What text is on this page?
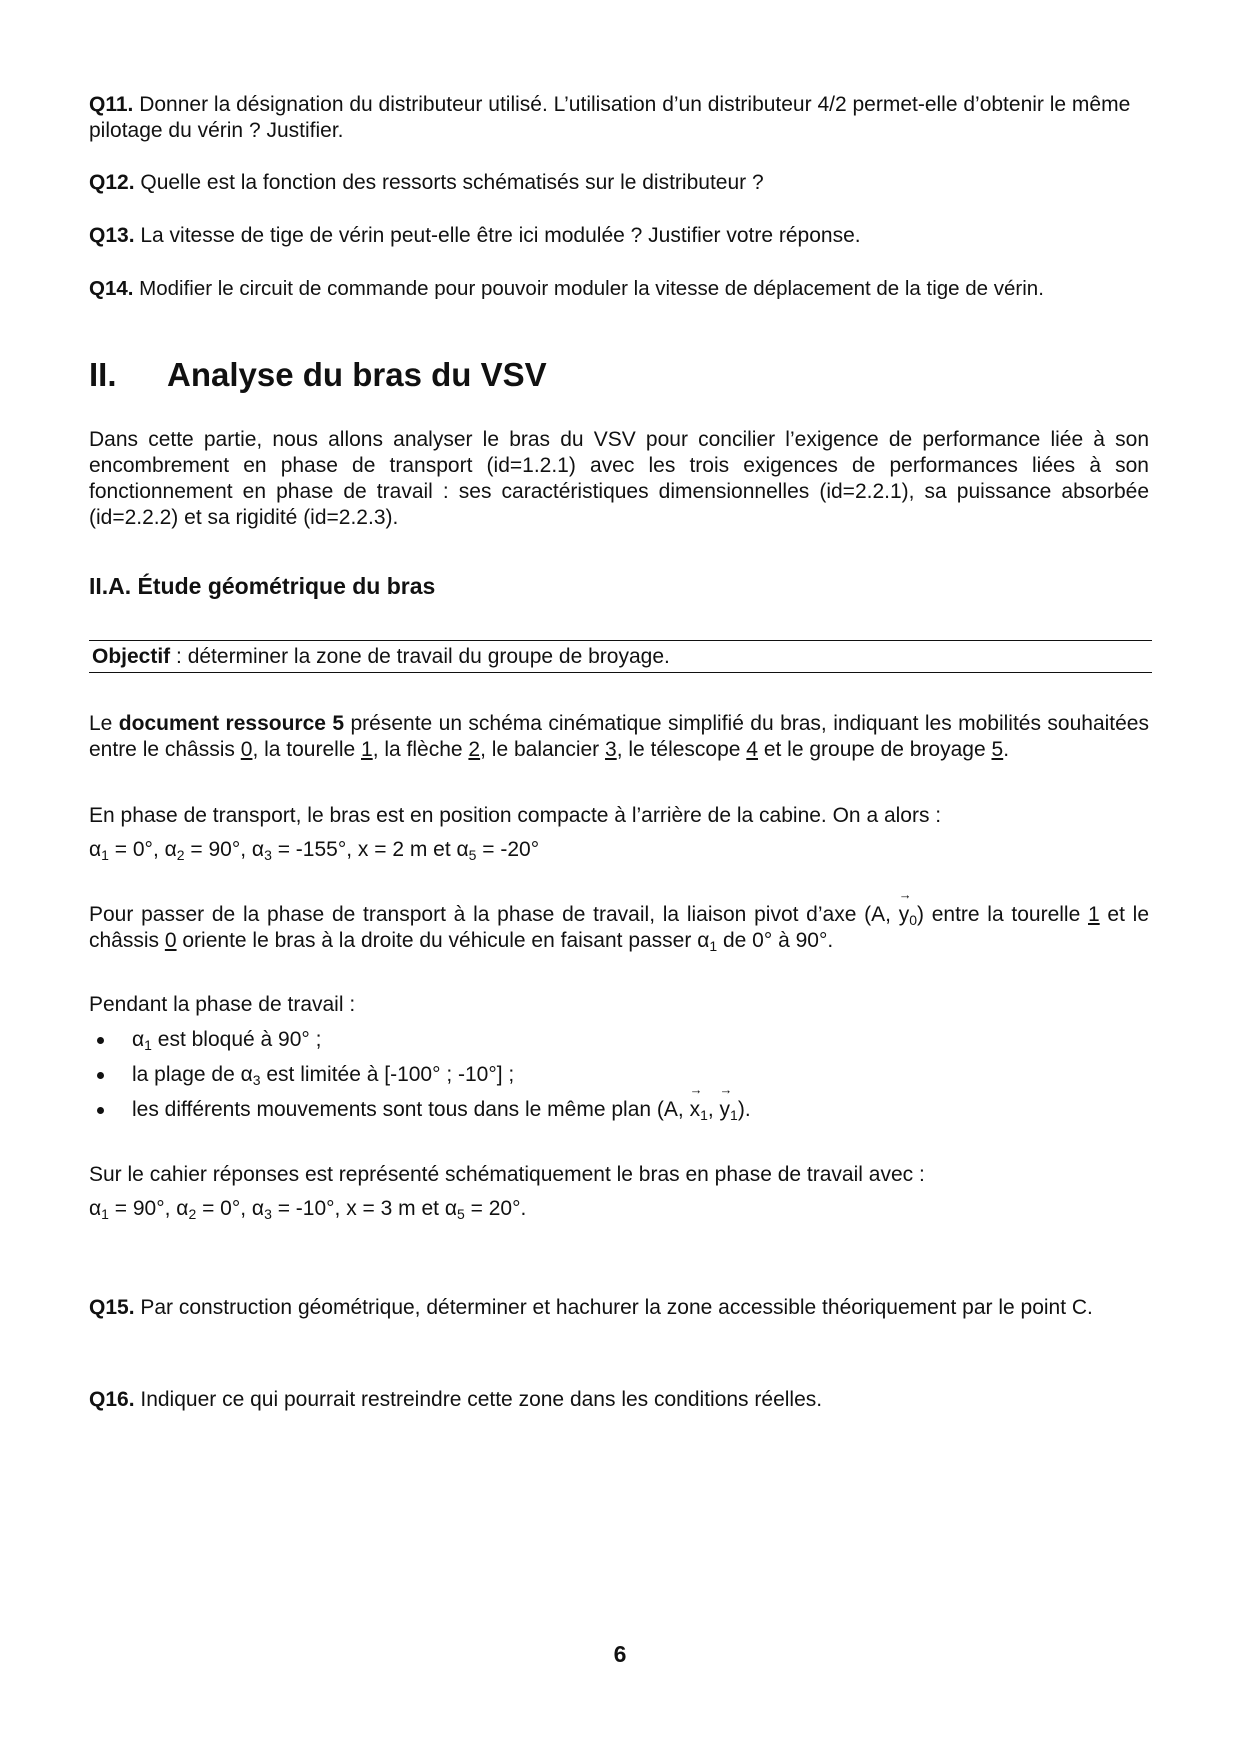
Q11. Donner la désignation du distributeur utilisé. L’utilisation d’un distributeur 4/2 permet-elle d’obtenir le même pilotage du vérin ? Justifier.

Q12. Quelle est la fonction des ressorts schématisés sur le distributeur ?

Q13. La vitesse de tige de vérin peut-elle être ici modulée ? Justifier votre réponse.

Q14. Modifier le circuit de commande pour pouvoir moduler la vitesse de déplacement de la tige de vérin.

II. Analyse du bras du VSV

Dans cette partie, nous allons analyser le bras du VSV pour concilier l’exigence de performance liée à son encombrement en phase de transport (id=1.2.1) avec les trois exigences de performances liées à son fonctionnement en phase de travail : ses caractéristiques dimensionnelles (id=2.2.1), sa puissance absorbée (id=2.2.2) et sa rigidité (id=2.2.3).

II.A. Étude géométrique du bras
Objectif : déterminer la zone de travail du groupe de broyage.

Le document ressource 5 présente un schéma cinématique simplifié du bras, indiquant les mobilités souhaitées entre le châssis 0, la tourelle 1, la flèche 2, le balancier 3, le télescope 4 et le groupe de broyage 5.

En phase de transport, le bras est en position compacte à l’arrière de la cabine. On a alors :

$\alpha_1 = 0^\circ$, $\alpha_2 = 90^\circ$, $\alpha_3 = -155^\circ$, x = 2 m et $\alpha_5 = -20^\circ$

Pour passer de la phase de transport à la phase de travail, la liaison pivot d’axe (A, → $y_0$) entre la tourelle 1 et le châssis 0 oriente le bras à la droite du véhicule en faisant passer $\alpha_1$ de 0° à 90°.

Pendant la phase de travail :

$\alpha_1$ est bloqué à 90° ;
la plage de $\alpha_3$ est limitée à [-100° ; -10°] ;
les différents mouvements sont tous dans le même plan (A, → $x_1$, → $y_1$).

Sur le cahier réponses est représenté schématiquement le bras en phase de travail avec :

$\alpha_1 = 90^\circ$, $\alpha_2 = 0^\circ$, $\alpha_3 = -10^\circ$, x = 3 m et $\alpha_5 = 20^\circ$.

Q15. Par construction géométrique, déterminer et hachurer la zone accessible théoriquement par le point C.

Q16. Indiquer ce qui pourrait restreindre cette zone dans les conditions réelles.

6
